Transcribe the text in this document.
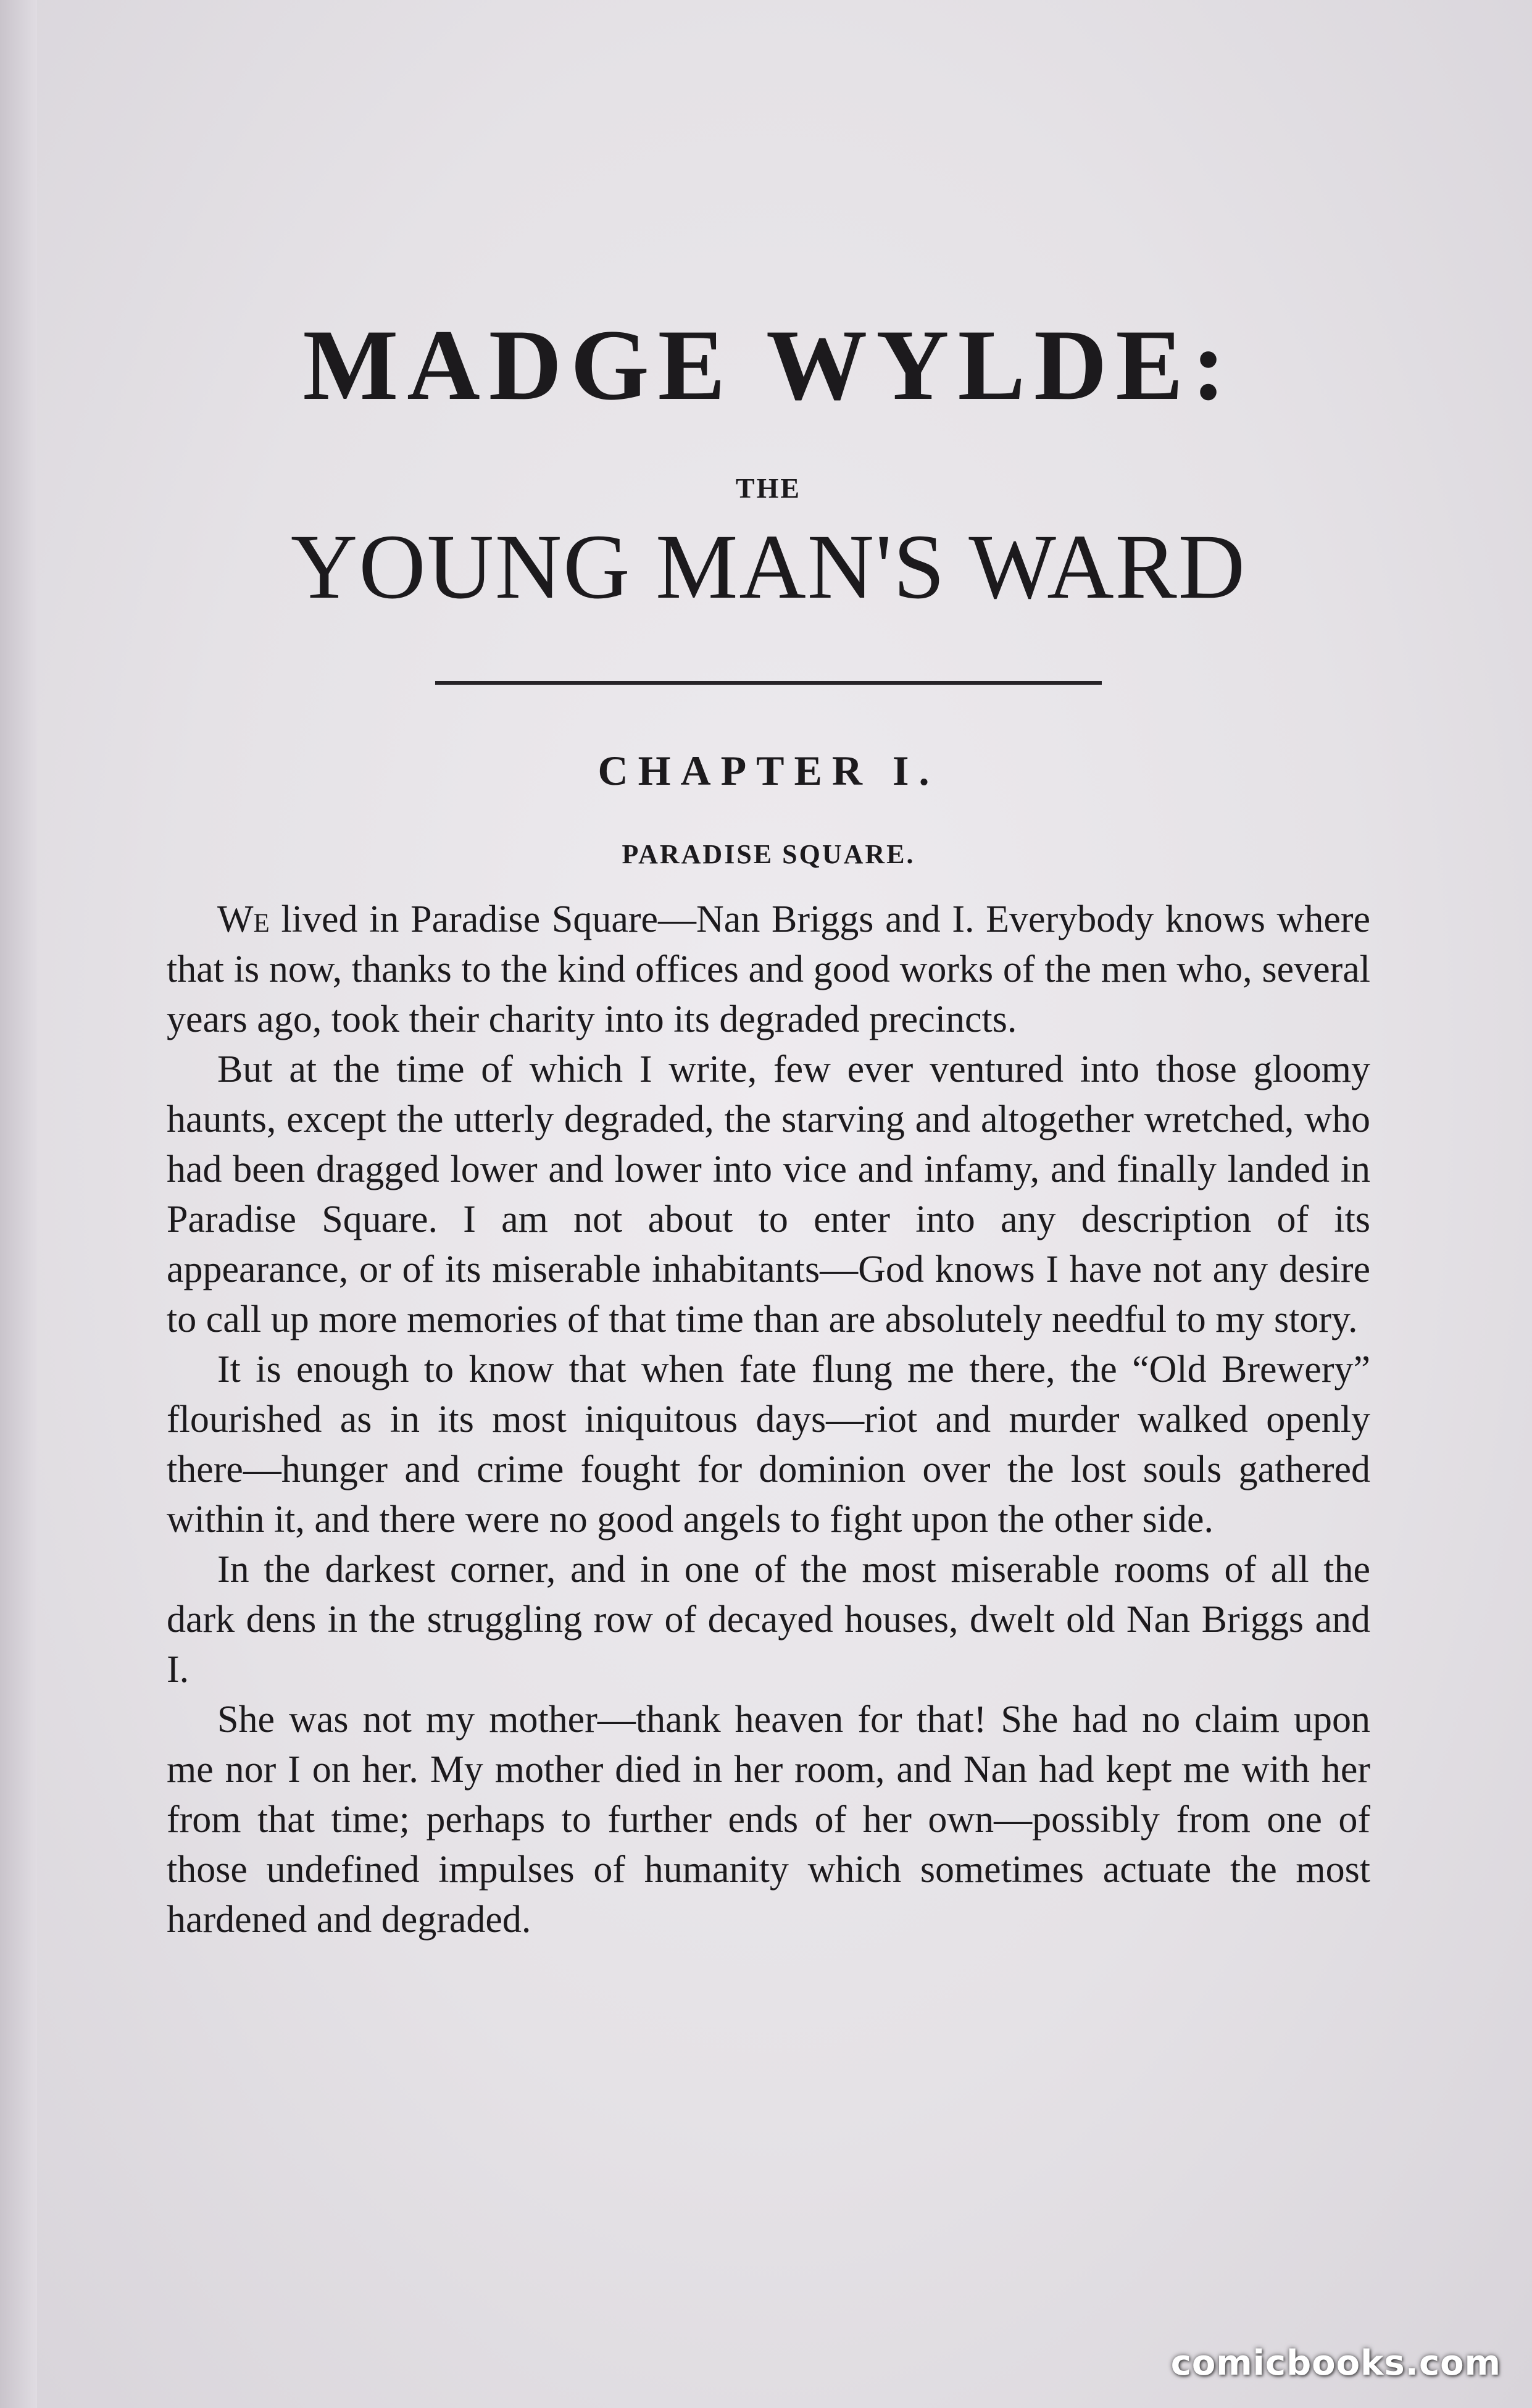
MADGE WYLDE:
THE
YOUNG MAN'S WARD
CHAPTER I.
PARADISE SQUARE.

We lived in Paradise Square—Nan Briggs and I. Everybody knows where that is now, thanks to the kind offices and good works of the men who, several years ago, took their charity into its degraded precincts.

But at the time of which I write, few ever ventured into those gloomy haunts, except the utterly degraded, the starving and altogether wretched, who had been dragged lower and lower into vice and infamy, and finally landed in Paradise Square. I am not about to enter into any description of its appearance, or of its miserable inhabitants—God knows I have not any desire to call up more memories of that time than are absolutely needful to my story.

It is enough to know that when fate flung me there, the “Old Brewery” flourished as in its most iniquitous days—riot and murder walked openly there—hunger and crime fought for dominion over the lost souls gathered within it, and there were no good angels to fight upon the other side.

In the darkest corner, and in one of the most miserable rooms of all the dark dens in the struggling row of decayed houses, dwelt old Nan Briggs and I.

She was not my mother—thank heaven for that! She had no claim upon me nor I on her. My mother died in her room, and Nan had kept me with her from that time; perhaps to further ends of her own—possibly from one of those undefined impulses of humanity which sometimes actuate the most hardened and degraded.

comicbooks.com
